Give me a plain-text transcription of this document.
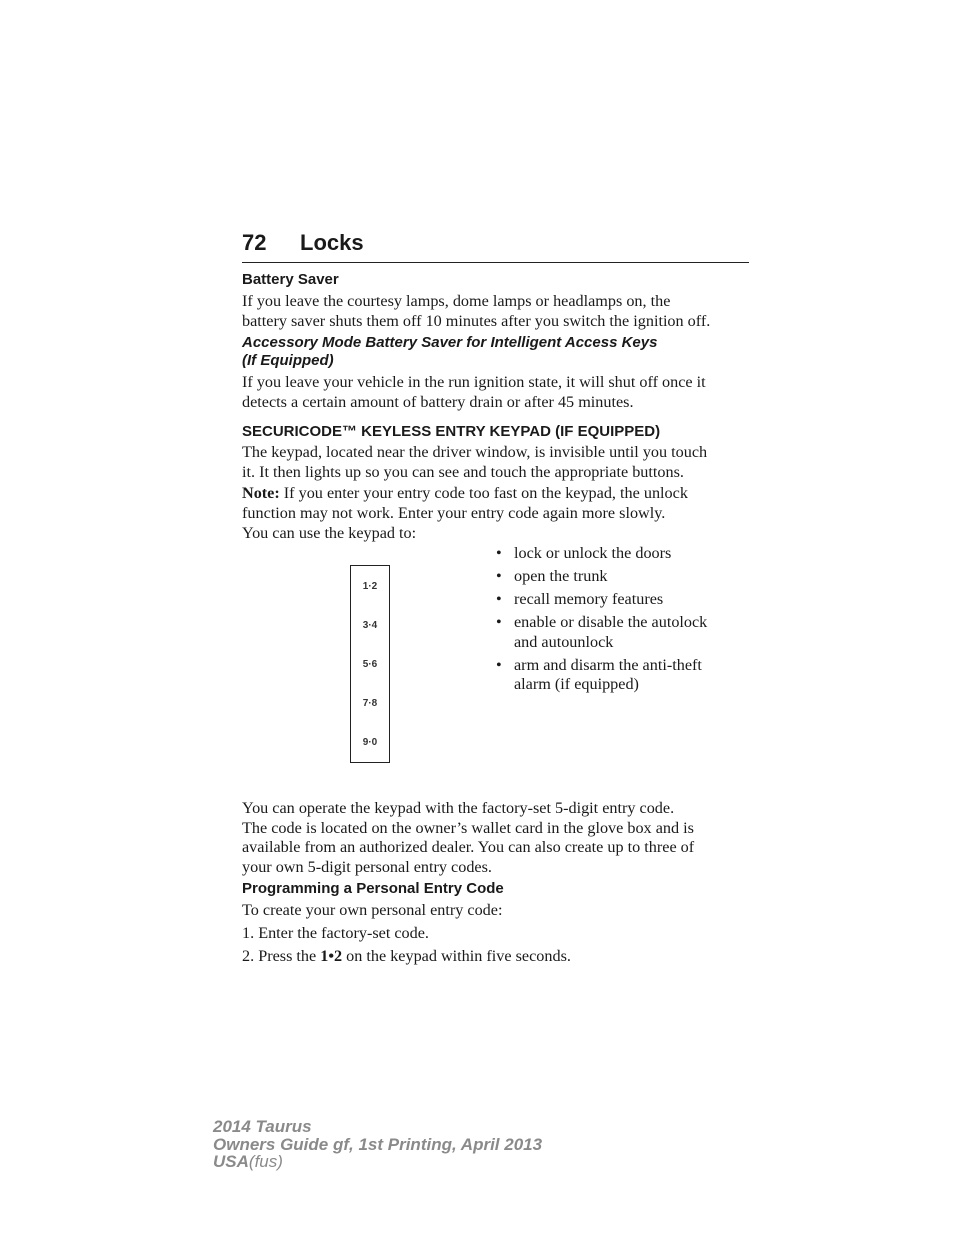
72 Locks
Battery Saver
If you leave the courtesy lamps, dome lamps or headlamps on, the
battery saver shuts them off 10 minutes after you switch the ignition off.
Accessory Mode Battery Saver for Intelligent Access Keys
(If Equipped)
If you leave your vehicle in the run ignition state, it will shut off once it
detects a certain amount of battery drain or after 45 minutes.
SECURICODE™ KEYLESS ENTRY KEYPAD (IF EQUIPPED)
The keypad, located near the driver window, is invisible until you touch
it. It then lights up so you can see and touch the appropriate buttons.
Note: If you enter your entry code too fast on the keypad, the unlock
function may not work. Enter your entry code again more slowly.
You can use the keypad to:
• lock or unlock the doors
• open the trunk
• recall memory features
• enable or disable the autolock
and autounlock
• arm and disarm the anti-theft
alarm (if equipped)
1·2
3·4
5·6
7·8
9·0
You can operate the keypad with the factory-set 5-digit entry code.
The code is located on the owner’s wallet card in the glove box and is
available from an authorized dealer. You can also create up to three of
your own 5-digit personal entry codes.
Programming a Personal Entry Code
To create your own personal entry code:
1. Enter the factory-set code.
2. Press the 1•2 on the keypad within five seconds.
2014 Taurus
Owners Guide gf, 1st Printing, April 2013
USA(fus)
